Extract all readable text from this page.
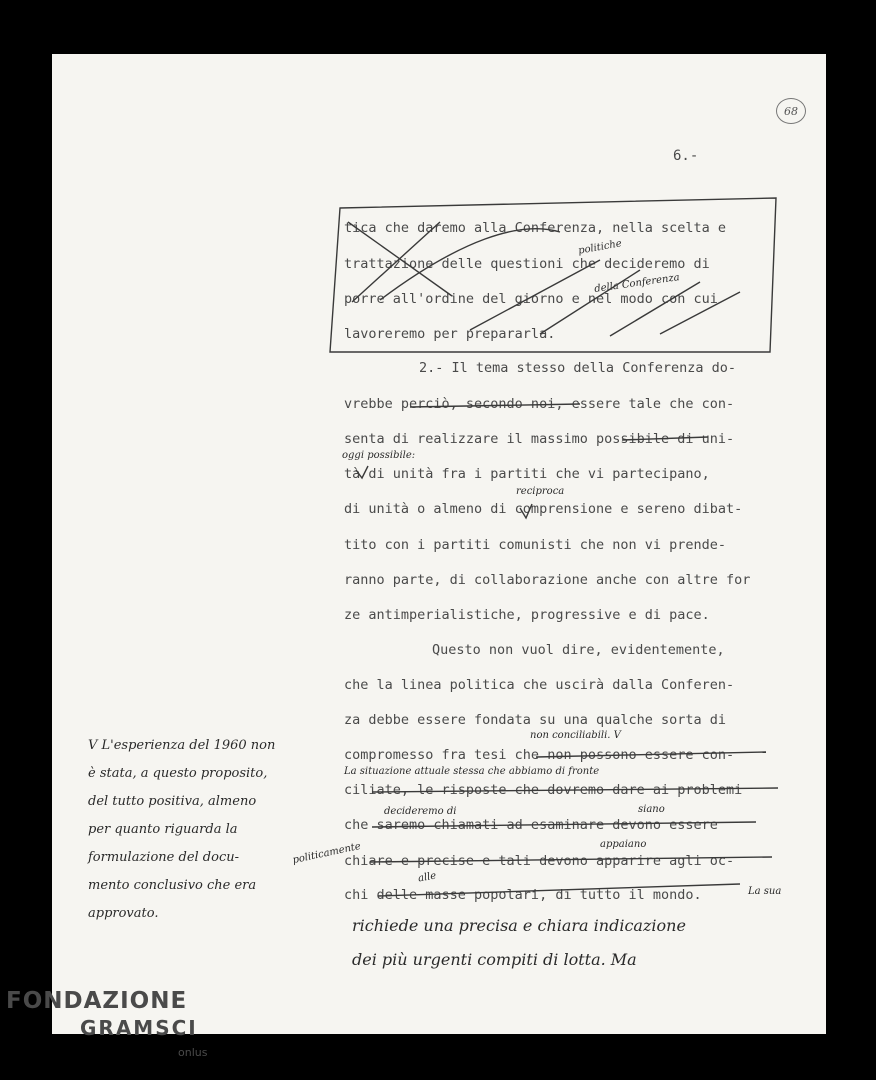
6.-
68
tica che daremo alla Conferenza, nella scelta e
trattazione delle questioni che decideremo di
porre all'ordine del giorno e nel modo con cui
lavoreremo per prepararla.
2.- Il tema stesso della Conferenza do-
vrebbe perciò, secondo noi, essere tale che con-
senta di realizzare il massimo possibile di uni-
tà di unità fra i partiti che vi partecipano,
di unità o almeno di comprensione e sereno dibat-
tito con i partiti comunisti che non vi prende-
ranno parte, di collaborazione anche con altre for
ze antimperialistiche, progressive e di pace.
Questo non vuol dire, evidentemente,
che la linea politica che uscirà dalla Conferen-
za debbe essere fondata su una qualche sorta di
compromesso fra tesi che non possono essere con-
ciliate, le risposte che dovremo dare ai problemi
che saremo chiamati ad esaminare devono essere
chiare e precise e tali devono apparire agli oc-
chi delle masse popolari, di tutto il mondo.
politiche
della Conferenza
oggi possibile:
reciproca
non conciliabili. V
La situazione attuale stessa che abbiamo di fronte
decideremo di	siano
appaiano
politicamente
alle
La sua
richiede una precisa e chiara indicazione
dei più urgenti compiti di lotta. Ma
V L'esperienza del 1960 non
è stata, a questo proposito,
del tutto positiva, almeno
per quanto riguarda la
formulazione del docu-
mento conclusivo che era
approvato.
FONDAZIONE
GRAMSCI
onlus
